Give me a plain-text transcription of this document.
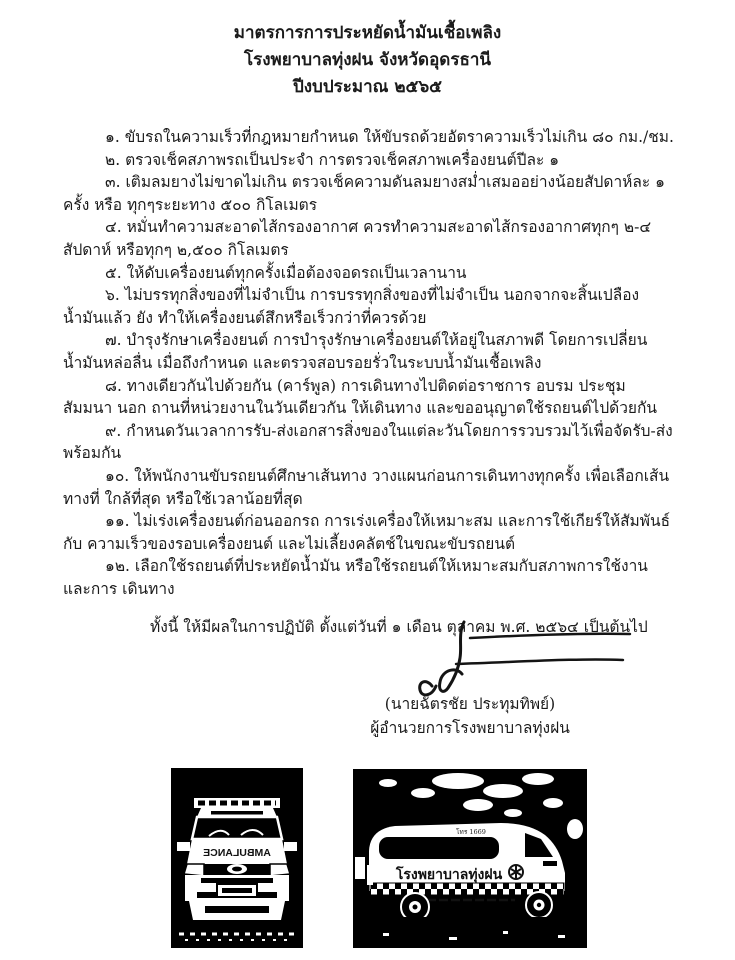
มาตรการการประหยัดน้ำมันเชื้อเพลิง

โรงพยาบาลทุ่งฝน จังหวัดอุดรธานี

ปีงบประมาณ ๒๕๖๕

๑. ขับรถในความเร็วที่กฎหมายกำหนด ให้ขับรถด้วยอัตราความเร็วไม่เกิน ๘๐ กม./ชม.

๒. ตรวจเช็คสภาพรถเป็นประจำ การตรวจเช็คสภาพเครื่องยนต์ปีละ ๑

๓. เติมลมยางไม่ขาดไม่เกิน ตรวจเช็คความดันลมยางสม่ำเสมออย่างน้อยสัปดาห์ละ ๑ ครั้ง หรือ ทุกๆระยะทาง ๕๐๐ กิโลเมตร

๔. หมั่นทำความสะอาดไส้กรองอากาศ ควรทำความสะอาดไส้กรองอากาศทุกๆ ๒-๔ สัปดาห์ หรือทุกๆ ๒,๕๐๐ กิโลเมตร

๕. ให้ดับเครื่องยนต์ทุกครั้งเมื่อต้องจอดรถเป็นเวลานาน

๖. ไม่บรรทุกสิ่งของที่ไม่จำเป็น การบรรทุกสิ่งของที่ไม่จำเป็น นอกจากจะสิ้นเปลืองน้ำมันแล้ว ยัง ทำให้เครื่องยนต์สึกหรือเร็วกว่าที่ควรด้วย

๗. บำรุงรักษาเครื่องยนต์ การบำรุงรักษาเครื่องยนต์ให้อยู่ในสภาพดี โดยการเปลี่ยนน้ำมันหล่อลื่น เมื่อถึงกำหนด และตรวจสอบรอยรั่วในระบบน้ำมันเชื้อเพลิง

๘. ทางเดียวกันไปด้วยกัน (คาร์พูล) การเดินทางไปติดต่อราชการ อบรม ประชุม สัมมนา นอก ถานที่หน่วยงานในวันเดียวกัน ให้เดินทาง และขออนุญาตใช้รถยนต์ไปด้วยกัน

๙. กำหนดวันเวลาการรับ-ส่งเอกสารสิ่งของในแต่ละวันโดยการรวบรวมไว้เพื่อจัดรับ-ส่งพร้อมกัน

๑๐. ให้พนักงานขับรถยนต์ศึกษาเส้นทาง วางแผนก่อนการเดินทางทุกครั้ง เพื่อเลือกเส้นทางที่ ใกล้ที่สุด หรือใช้เวลาน้อยที่สุด

๑๑. ไม่เร่งเครื่องยนต์ก่อนออกรถ การเร่งเครื่องให้เหมาะสม และการใช้เกียร์ให้สัมพันธ์กับ ความเร็วของรอบเครื่องยนต์ และไม่เลี้ยงคลัตช์ในขณะขับรถยนต์

๑๒. เลือกใช้รถยนต์ที่ประหยัดน้ำมัน หรือใช้รถยนต์ให้เหมาะสมกับสภาพการใช้งาน และการ เดินทาง

ทั้งนี้ ให้มีผลในการปฏิบัติ ตั้งแต่วันที่ ๑ เดือน ตุลาคม พ.ศ. ๒๕๖๔ เป็นต้นไป

(นายฉัตรชัย ประทุมทิพย์)

ผู้อำนวยการโรงพยาบาลทุ่งฝน

AMBULANCE
โทร 1669
โรงพยาบาลทุ่งฝน
